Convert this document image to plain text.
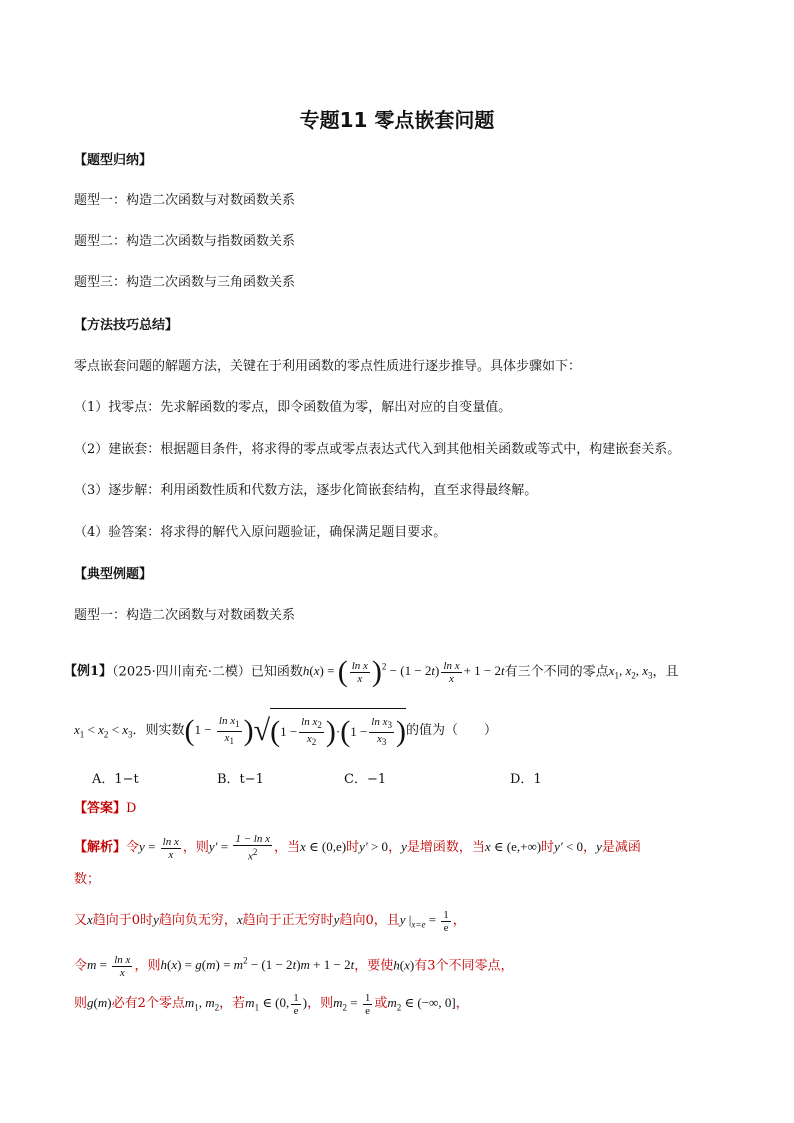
专题11 零点嵌套问题
【题型归纳】
题型一：构造二次函数与对数函数关系
题型二：构造二次函数与指数函数关系
题型三：构造二次函数与三角函数关系
【方法技巧总结】
零点嵌套问题的解题方法，关键在于利用函数的零点性质进行逐步推导。具体步骤如下：
（1）找零点：先求解函数的零点，即令函数值为零，解出对应的自变量值。
（2）建嵌套：根据题目条件，将求得的零点或零点表达式代入到其他相关函数或等式中，构建嵌套关系。
（3）逐步解：利用函数性质和代数方法，逐步化简嵌套结构，直至求得最终解。
（4）验答案：将求得的解代入原问题验证，确保满足题目要求。
【典型例题】
题型一：构造二次函数与对数函数关系
【例1】（2025·四川南充·二模）已知函数h(x) = ( $\frac{\text{ln x}}{x} )^2 - (1 - 2t) \frac{\text{ln x}}{x} + 1 - 2t$有三个不同的零点$x_1$, $x_2$, $x_3$，且
$x_1 < x_2 < x_3$．则实数($1 - \frac{\ln x_1}{x_1}$ ) √ ( $1 - \frac{\ln x_2}{x_2}$ ) · ( $1 - \frac{\ln x_3}{x_3}$ ) 的值为（　　）
A．1−t	B．t−1	C．−1	D．1
【答案】D
【解析】令$y = \frac{\text{ln x}}{x}$ ，则$y' = \frac{\text{1 − ln x}}{x^2}$ ，当x ∈ (0,e)时y′ > 0，y是增函数，当x ∈ (e,+∞)时y′ < 0，y是减函
数；
又x趋向于0时y趋向负无穷，x趋向于正无穷时y趋向0，且y $|_{x=e} = \frac{1}{e}$ ，
令$m = \frac{\text{ln x}}{x}$ ，则$h(x) = g(m) = m^2 - (1 - 2t)m + 1 - 2t$，要使h(x)有3个不同零点，
则g(m)必有2个零点$m_1$, $m_2$，若$m_1$ ∈ (0, $\frac{1}{e}$ )，则$m_2 = \frac{1}{e}$ 或$m_2$ ∈ (−∞, 0]，
